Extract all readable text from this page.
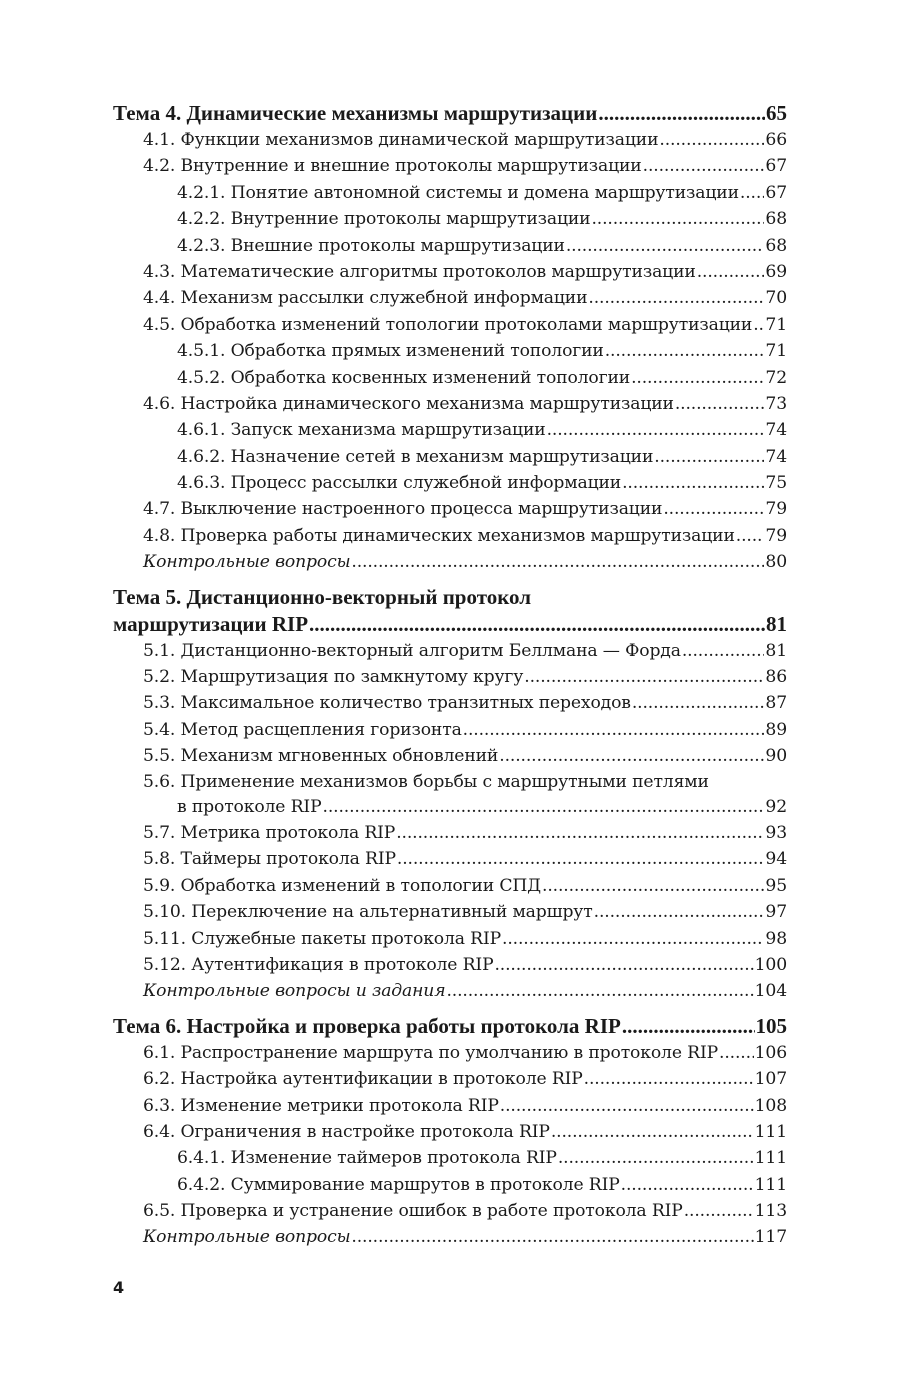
Тема 4. Динамические механизмы маршрутизации .....	65
4.1. Функции механизмов динамической маршрутизации .....	66
4.2. Внутренние и внешние протоколы маршрутизации .....	67
4.2.1. Понятие автономной системы и домена маршрутизации ..... 67
4.2.2. Внутренние протоколы маршрутизации .....	68
4.2.3. Внешние протоколы маршрутизации .....	68
4.3. Математические алгоритмы протоколов маршрутизации .....	69
4.4. Механизм рассылки служебной информации .....	70
4.5. Обработка изменений топологии протоколами маршрутизации ..... 71
4.5.1. Обработка прямых изменений топологии .....	71
4.5.2. Обработка косвенных изменений топологии .....	72
4.6. Настройка динамического механизма маршрутизации .....	73
4.6.1. Запуск механизма маршрутизации .....	74
4.6.2. Назначение сетей в механизм маршрутизации .....	74
4.6.3. Процесс рассылки служебной информации .....	75
4.7. Выключение настроенного процесса маршрутизации .....	79
4.8. Проверка работы динамических механизмов маршрутизации ..... 79
Контрольные вопросы .....	80
Тема 5. Дистанционно-векторный протокол
маршрутизации RIP .....	81
5.1. Дистанционно-векторный алгоритм Беллмана — Форда .....	81
5.2. Маршрутизация по замкнутому кругу .....	86
5.3. Максимальное количество транзитных переходов .....	87
5.4. Метод расщепления горизонта .....	89
5.5. Механизм мгновенных обновлений .....	90
5.6. Применение механизмов борьбы с маршрутными петлями
в протоколе RIP .....	92
5.7. Метрика протокола RIP .....	93
5.8. Таймеры протокола RIP .....	94
5.9. Обработка изменений в топологии СПД .....	95
5.10. Переключение на альтернативный маршрут .....	97
5.11. Служебные пакеты протокола RIP .....	98
5.12. Аутентификация в протоколе RIP .....	100
Контрольные вопросы и задания .....	104
Тема 6. Настройка и проверка работы протокола RIP .....	105
6.1. Распространение маршрута по умолчанию в протоколе RIP ..... 106
6.2. Настройка аутентификации в протоколе RIP .....	107
6.3. Изменение метрики протокола RIP .....	108
6.4. Ограничения в настройке протокола RIP .....	111
6.4.1. Изменение таймеров протокола RIP .....	111
6.4.2. Суммирование маршрутов в протоколе RIP .....	111
6.5. Проверка и устранение ошибок в работе протокола RIP .....	113
Контрольные вопросы .....	117
4
